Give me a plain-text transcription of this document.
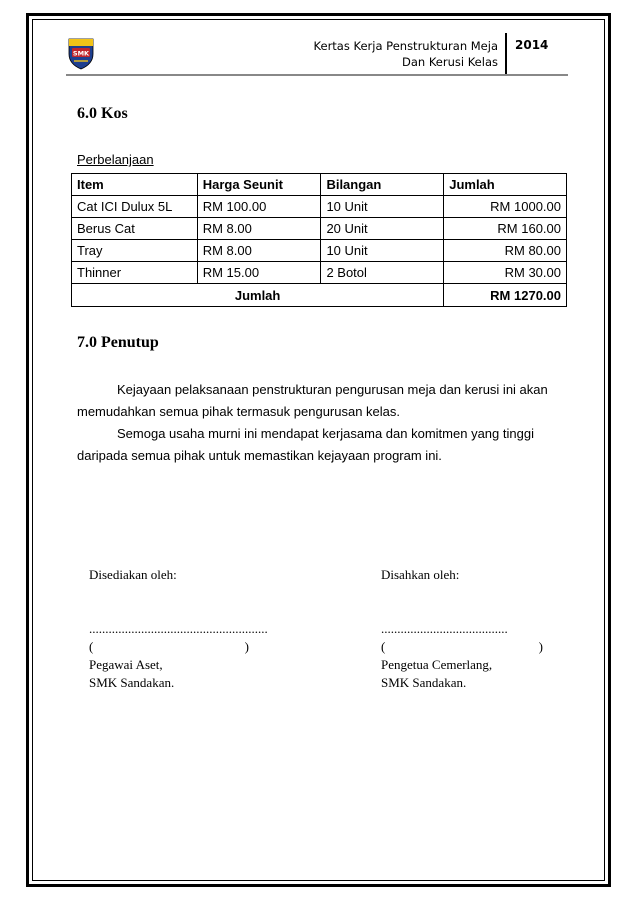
SMK
Kertas Kerja Penstrukturan Meja
Dan Kerusi Kelas
2014
6.0 Kos
Perbelanjaan
Item	Harga Seunit	Bilangan	Jumlah
Cat ICI Dulux 5L	RM 100.00	10 Unit	RM 1000.00
Berus Cat	RM 8.00	20 Unit	RM 160.00
Tray	RM 8.00	10 Unit	RM 80.00
Thinner	RM 15.00	2 Botol	RM 30.00
Jumlah			RM 1270.00
7.0 Penutup

Kejayaan pelaksanaan penstrukturan pengurusan meja dan kerusi ini akan

memudahkan semua pihak termasuk pengurusan kelas.

Semoga usaha murni ini mendapat kerjasama dan komitmen yang tinggi

daripada semua pihak untuk memastikan kejayaan program ini.

Disediakan oleh:
.......................................................
(	)
Pegawai Aset,
SMK Sandakan.
Disahkan oleh:
.......................................
(	)
Pengetua Cemerlang,
SMK Sandakan.
